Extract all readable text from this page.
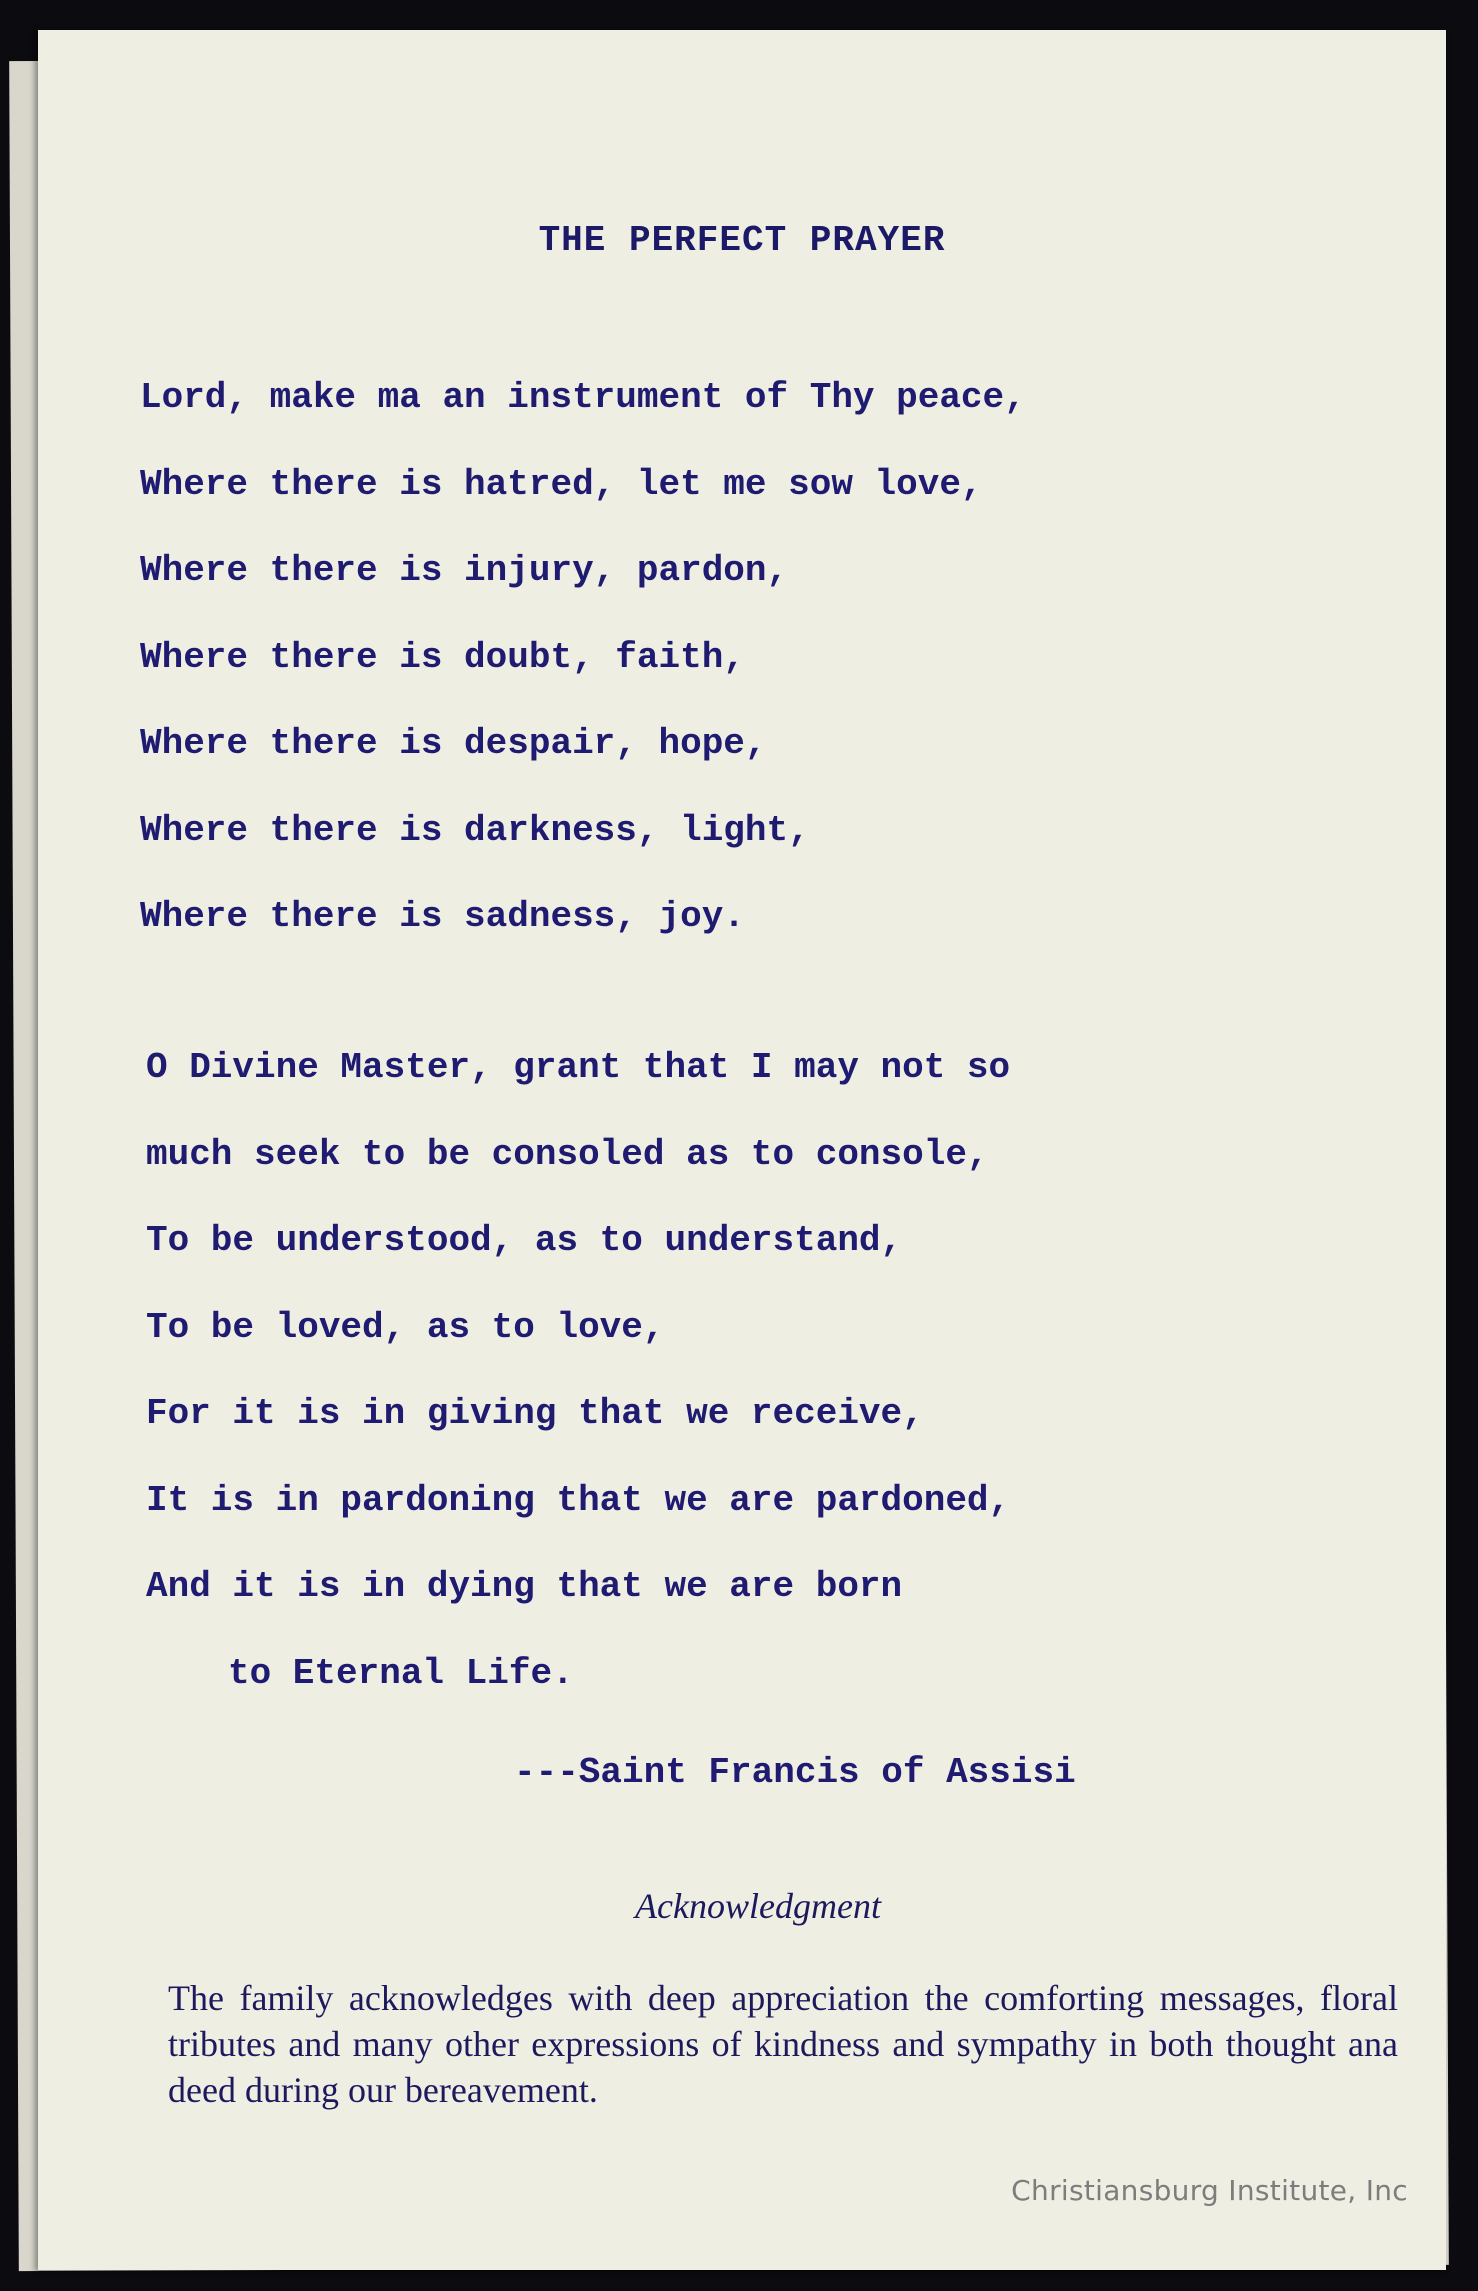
THE PERFECT PRAYER
Lord, make ma an instrument of Thy peace,
Where there is hatred, let me sow love,
Where there is injury, pardon,
Where there is doubt, faith,
Where there is despair, hope,
Where there is darkness, light,
Where there is sadness, joy.
O Divine Master, grant that I may not so
much seek to be consoled as to console,
To be understood, as to understand,
To be loved, as to love,
For it is in giving that we receive,
It is in pardoning that we are pardoned,
And it is in dying that we are born
to Eternal Life.
---Saint Francis of Assisi
Acknowledgment
The family acknowledges with deep appreciation the comforting messages, floral tributes and many other expressions of kindness and sympathy in both thought ana deed during our bereavement.
Christiansburg Institute, Inc
